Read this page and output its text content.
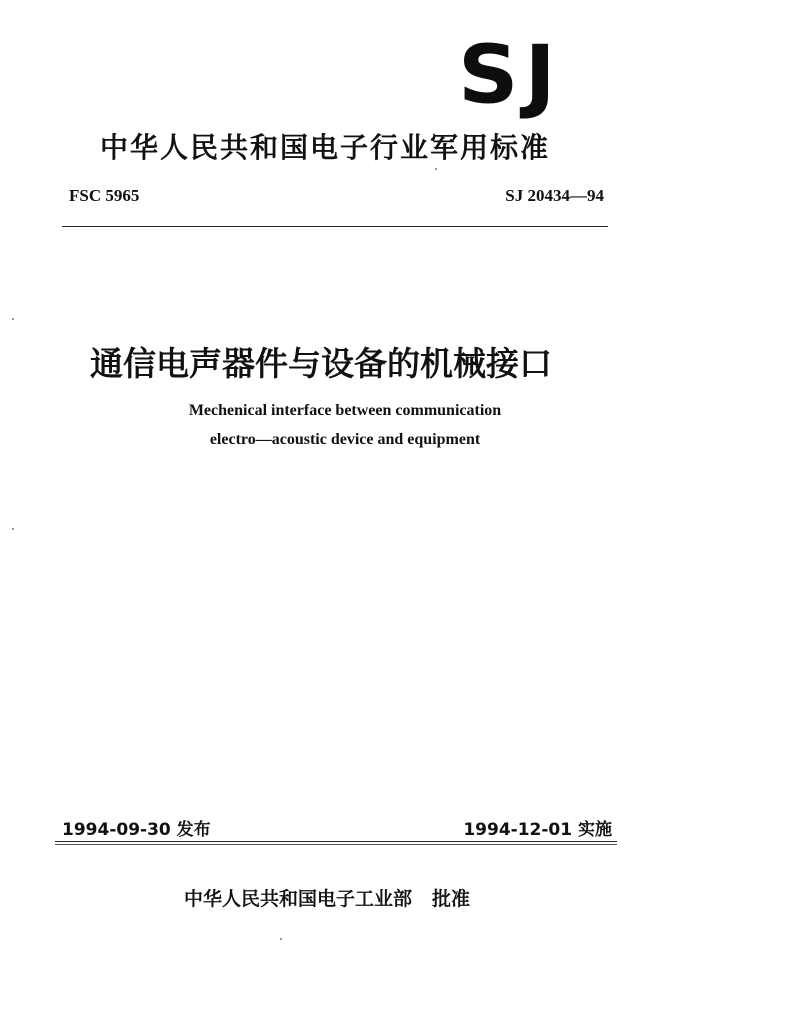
SJ
中华人民共和国电子行业军用标准
FSC 5965	SJ 20434—94
通信电声器件与设备的机械接口
Mechenical interface between communication
electro—acoustic device and equipment
1994-09-30 发布	1994-12-01 实施
中华人民共和国电子工业部 批准
